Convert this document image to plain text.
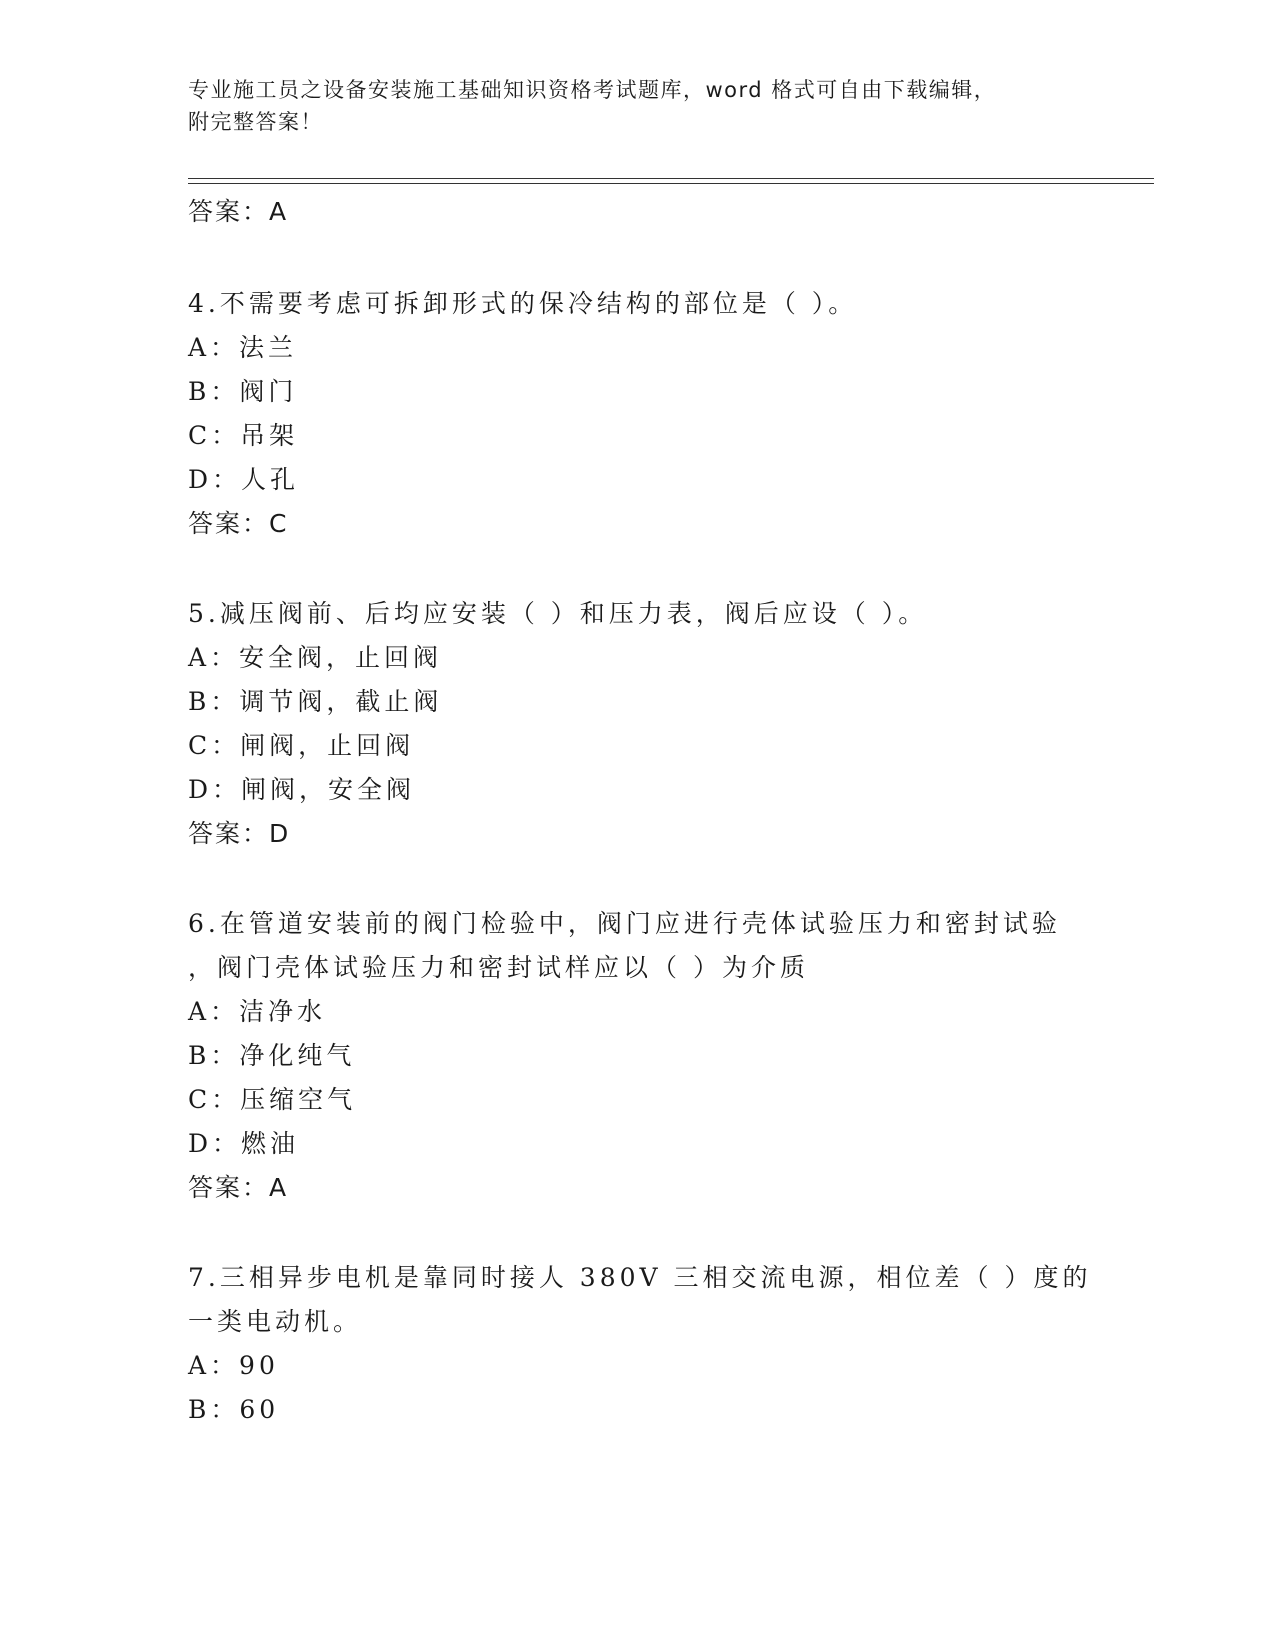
专业施工员之设备安装施工基础知识资格考试题库，word 格式可自由下载编辑，
附完整答案！
答案：A
4.不需要考虑可拆卸形式的保冷结构的部位是（ ）。
A：法兰
B：阀门
C：吊架
D：人孔
答案：C
5.减压阀前、后均应安装（ ）和压力表，阀后应设（ ）。
A：安全阀，止回阀
B：调节阀，截止阀
C：闸阀，止回阀
D：闸阀，安全阀
答案：D
6.在管道安装前的阀门检验中，阀门应进行壳体试验压力和密封试验
，阀门壳体试验压力和密封试样应以（ ）为介质
A：洁净水
B：净化纯气
C：压缩空气
D：燃油
答案：A
7.三相异步电机是靠同时接人 380V 三相交流电源，相位差（ ）度的
一类电动机。
A：90
B：60
